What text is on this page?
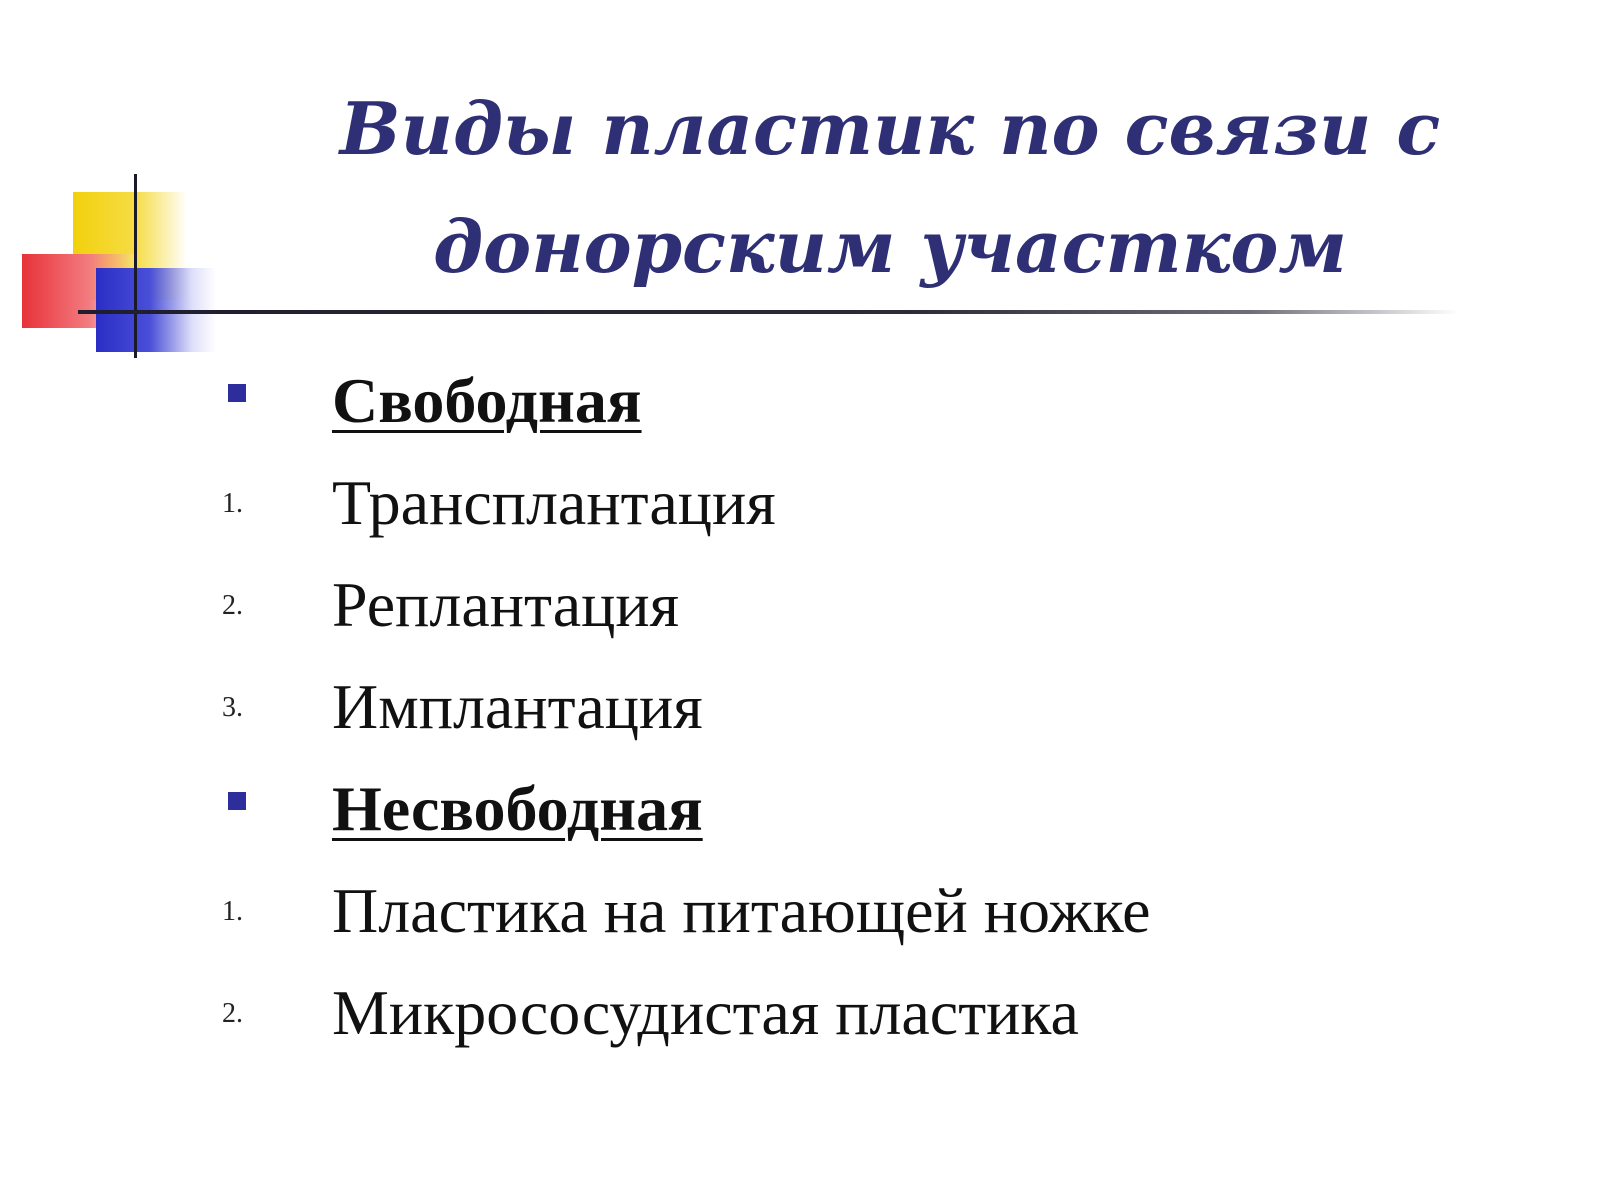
Виды пластик по связи с донорским участком
Свободная
1. Трансплантация
2. Реплантация
3. Имплантация
Несвободная
1. Пластика на питающей ножке
2. Микрососудистая пластика
